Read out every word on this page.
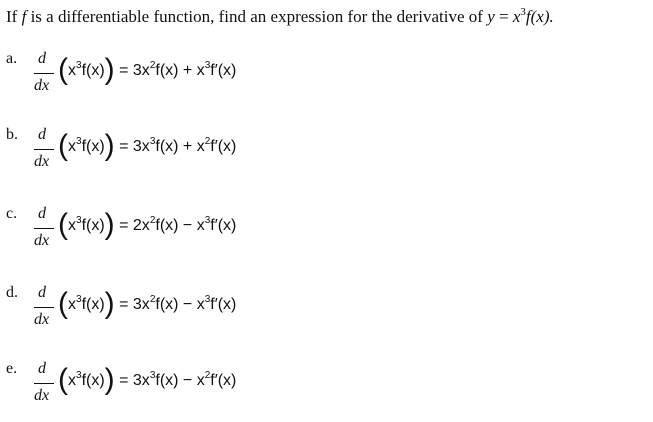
If f is a differentiable function, find an expression for the derivative of $y = x^3f(x)$.
a. d
dx $(x^3f(x)) = 3x^2f(x) + x^3f'(x)$
b. d
dx $(x^3f(x)) = 3x^3f(x) + x^2f'(x)$
c. d
dx $(x^3f(x)) = 2x^2f(x) - x^3f'(x)$
d. d
dx $(x^3f(x)) = 3x^2f(x) - x^3f'(x)$
e. d
dx $(x^3f(x)) = 3x^3f(x) - x^2f'(x)$
